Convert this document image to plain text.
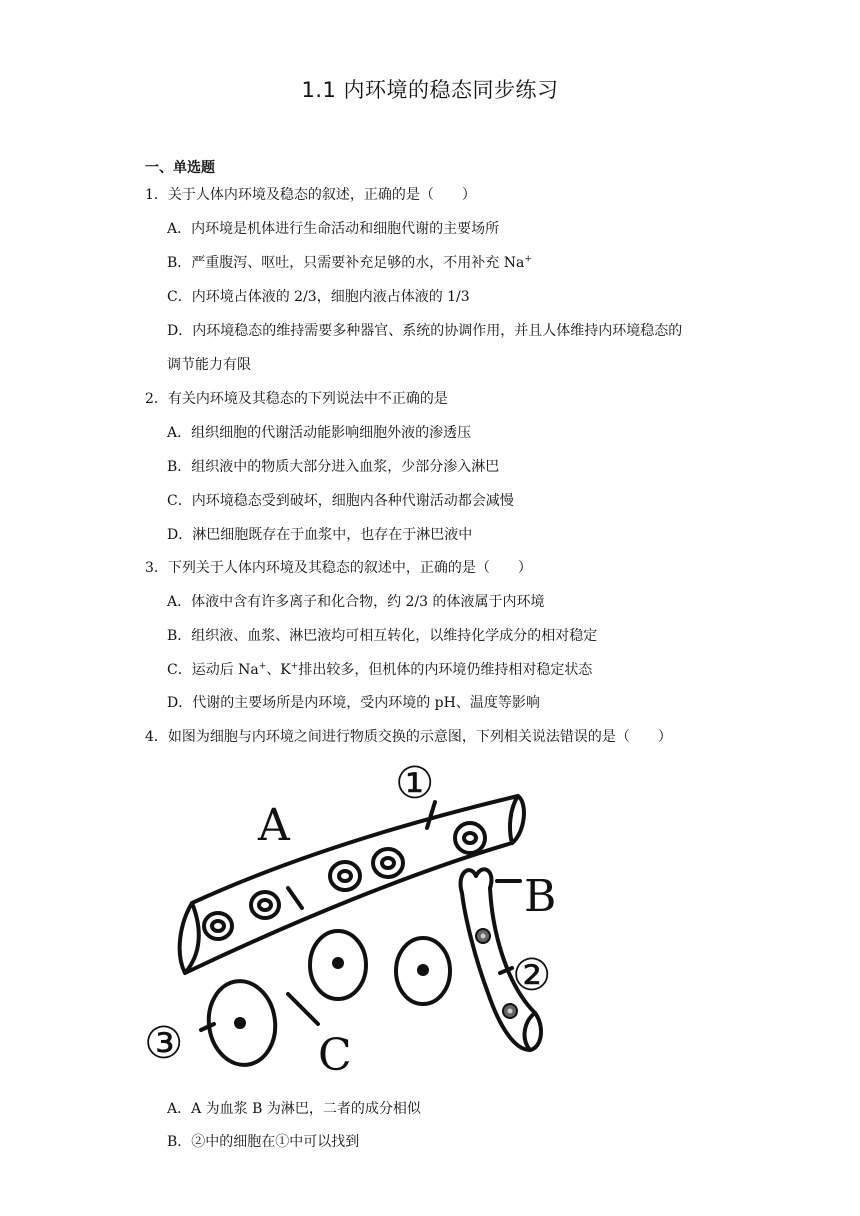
1.1 内环境的稳态同步练习
一、单选题
1．关于人体内环境及稳态的叙述，正确的是（　　）
A．内环境是机体进行生命活动和细胞代谢的主要场所
B．严重腹泻、呕吐，只需要补充足够的水，不用补充 Na+
C．内环境占体液的 2/3，细胞内液占体液的 1/3
D．内环境稳态的维持需要多种器官、系统的协调作用，并且人体维持内环境稳态的
调节能力有限
2．有关内环境及其稳态的下列说法中不正确的是
A．组织细胞的代谢活动能影响细胞外液的渗透压
B．组织液中的物质大部分进入血浆，少部分渗入淋巴
C．内环境稳态受到破坏，细胞内各种代谢活动都会减慢
D．淋巴细胞既存在于血浆中，也存在于淋巴液中
3．下列关于人体内环境及其稳态的叙述中，正确的是（　　）
A．体液中含有许多离子和化合物，约 2/3 的体液属于内环境
B．组织液、血浆、淋巴液均可相互转化，以维持化学成分的相对稳定
C．运动后 Na+、K+排出较多，但机体的内环境仍维持相对稳定状态
D．代谢的主要场所是内环境，受内环境的 pH、温度等影响
4．如图为细胞与内环境之间进行物质交换的示意图，下列相关说法错误的是（　　）
A
B
C
①
②
③
A．A 为血浆 B 为淋巴，二者的成分相似
B．②中的细胞在①中可以找到
